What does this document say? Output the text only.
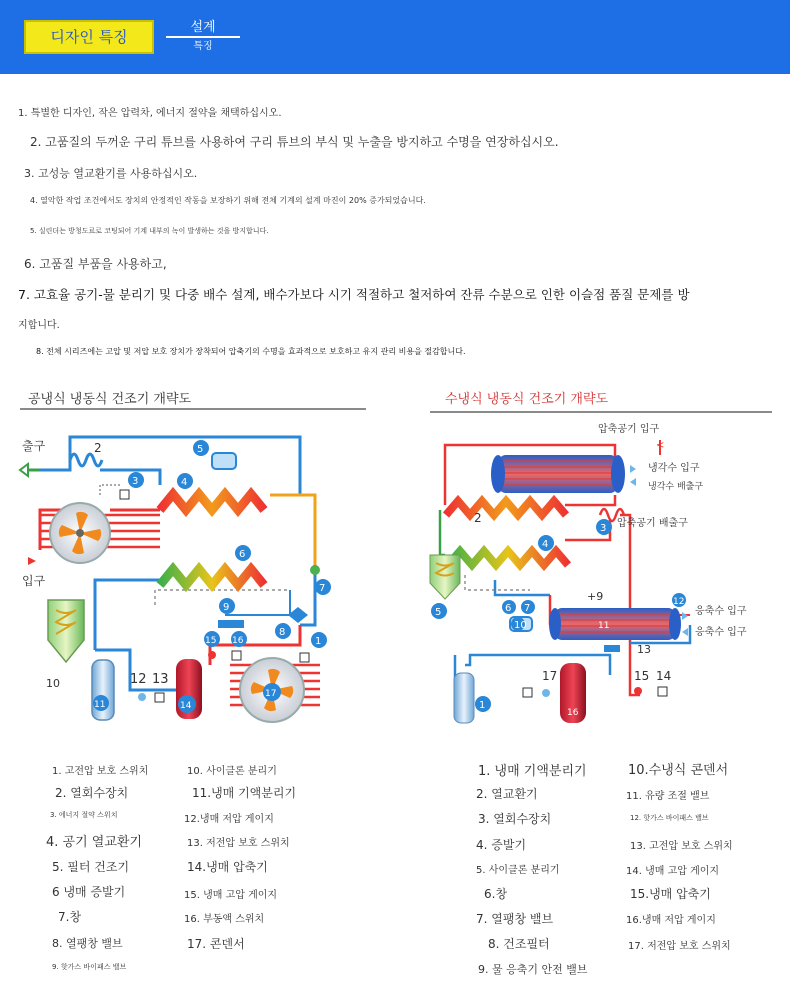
디자인 특징
설계
특징
1. 특별한 디자인, 작은 압력차, 에너지 절약을 채택하십시오.
2. 고품질의 두꺼운 구리 튜브를 사용하여 구리 튜브의 부식 및 누출을 방지하고 수명을 연장하십시오.
3. 고성능 열교환기를 사용하십시오.
4. 열악한 작업 조건에서도 장치의 안정적인 작동을 보장하기 위해 전체 기계의 설계 마진이 20% 증가되었습니다.
5. 실린더는 방청도료로 코팅되어 기계 내부의 녹이 발생하는 것을 방지합니다.
6. 고품질 부품을 사용하고,
7. 고효율 공기-물 분리기 및 다중 배수 설계, 배수가보다 시기 적절하고 철저하여 잔류 수분으로 인한 이슬점 품질 문제를 방
지합니다.
8. 전체 시리즈에는 고압 및 저압 보호 장치가 장착되어 압축기의 수명을 효과적으로 보호하고 유지 관리 비용을 절감합니다.
공냉식 냉동식 건조기 개략도	수냉식 냉동식 건조기 개략도
출구
입구
2	5
3	4
6
7
8
9
1
10
11
12 13
14
15 16
17
압축공기 입구
<
냉각수 입구
냉각수 배출구
압축공기 배출구
응축수 입구
응축수 입구
2
3
4
5	6 7
+9
10	11
12
13
14
15
16
17
1
1. 고전압 보호 스위치
2. 열회수장치
3. 에너지 절약 스위치
4. 공기 열교환기
5. 필터 건조기
6 냉매 증발기
7.창
8. 열팽창 밸브
9. 핫가스 바이패스 밸브
10. 사이클론 분리기
11.냉매 기액분리기
12.냉매 저압 게이지
13. 저전압 보호 스위치
14.냉매 압축기
15. 냉매 고압 게이지
16. 부동액 스위치
17. 콘덴서
1. 냉매 기액분리기
2. 열교환기
3. 열회수장치
4. 증발기
5. 사이클론 분리기
6.창
7. 열팽창 밸브
8. 건조필터
9. 물 응축기 안전 밸브
10.수냉식 콘덴서
11. 유량 조절 밸브
12. 핫가스 바이패스 밸브
13. 고전압 보호 스위치
14. 냉매 고압 게이지
15.냉매 압축기
16.냉매 저압 게이지
17. 저전압 보호 스위치
